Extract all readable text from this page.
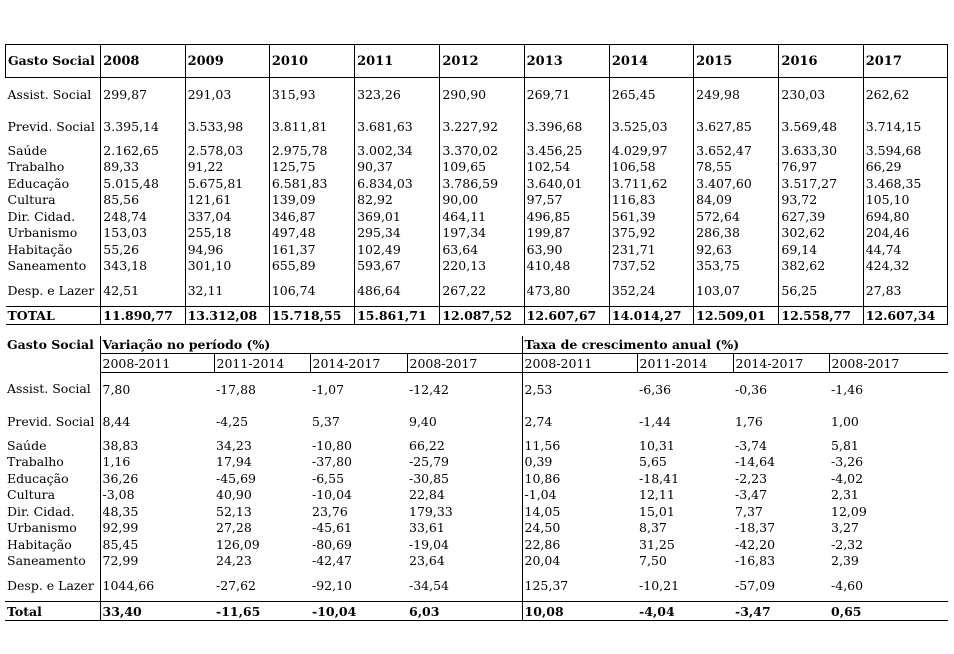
Gasto Social	2008	2009	2010	2011	2012	2013	2014	2015	2016	2017
Assist. Social	299,87	291,03	315,93	323,26	290,90	269,71	265,45	249,98	230,03	262,62
Previd. Social	3.395,14	3.533,98	3.811,81	3.681,63	3.227,92	3.396,68	3.525,03	3.627,85	3.569,48	3.714,15
Saúde	2.162,65	2.578,03	2.975,78	3.002,34	3.370,02	3.456,25	4.029,97	3.652,47	3.633,30	3.594,68
Trabalho	89,33	91,22	125,75	90,37	109,65	102,54	106,58	78,55	76,97	66,29
Educação	5.015,48	5.675,81	6.581,83	6.834,03	3.786,59	3.640,01	3.711,62	3.407,60	3.517,27	3.468,35
Cultura	85,56	121,61	139,09	82,92	90,00	97,57	116,83	84,09	93,72	105,10
Dir. Cidad.	248,74	337,04	346,87	369,01	464,11	496,85	561,39	572,64	627,39	694,80
Urbanismo	153,03	255,18	497,48	295,34	197,34	199,87	375,92	286,38	302,62	204,46
Habitação	55,26	94,96	161,37	102,49	63,64	63,90	231,71	92,63	69,14	44,74
Saneamento	343,18	301,10	655,89	593,67	220,13	410,48	737,52	353,75	382,62	424,32
Desp. e Lazer	42,51	32,11	106,74	486,64	267,22	473,80	352,24	103,07	56,25	27,83
TOTAL	11.890,77	13.312,08	15.718,55	15.861,71	12.087,52	12.607,67	14.014,27	12.509,01	12.558,77	12.607,34
Gasto Social	Variação no período (%)				Taxa de crescimento anual (%)			
	2008-2011	2011-2014	2014-2017	2008-2017	2008-2011	2011-2014	2014-2017	2008-2017
Assist. Social	7,80	-17,88	-1,07	-12,42	2,53	-6,36	-0,36	-1,46
Previd. Social	8,44	-4,25	5,37	9,40	2,74	-1,44	1,76	1,00
Saúde	38,83	34,23	-10,80	66,22	11,56	10,31	-3,74	5,81
Trabalho	1,16	17,94	-37,80	-25,79	0,39	5,65	-14,64	-3,26
Educação	36,26	-45,69	-6,55	-30,85	10,86	-18,41	-2,23	-4,02
Cultura	-3,08	40,90	-10,04	22,84	-1,04	12,11	-3,47	2,31
Dir. Cidad.	48,35	52,13	23,76	179,33	14,05	15,01	7,37	12,09
Urbanismo	92,99	27,28	-45,61	33,61	24,50	8,37	-18,37	3,27
Habitação	85,45	126,09	-80,69	-19,04	22,86	31,25	-42,20	-2,32
Saneamento	72,99	24,23	-42,47	23,64	20,04	7,50	-16,83	2,39
Desp. e Lazer	1044,66	-27,62	-92,10	-34,54	125,37	-10,21	-57,09	-4,60
Total	33,40	-11,65	-10,04	6,03	10,08	-4,04	-3,47	0,65
